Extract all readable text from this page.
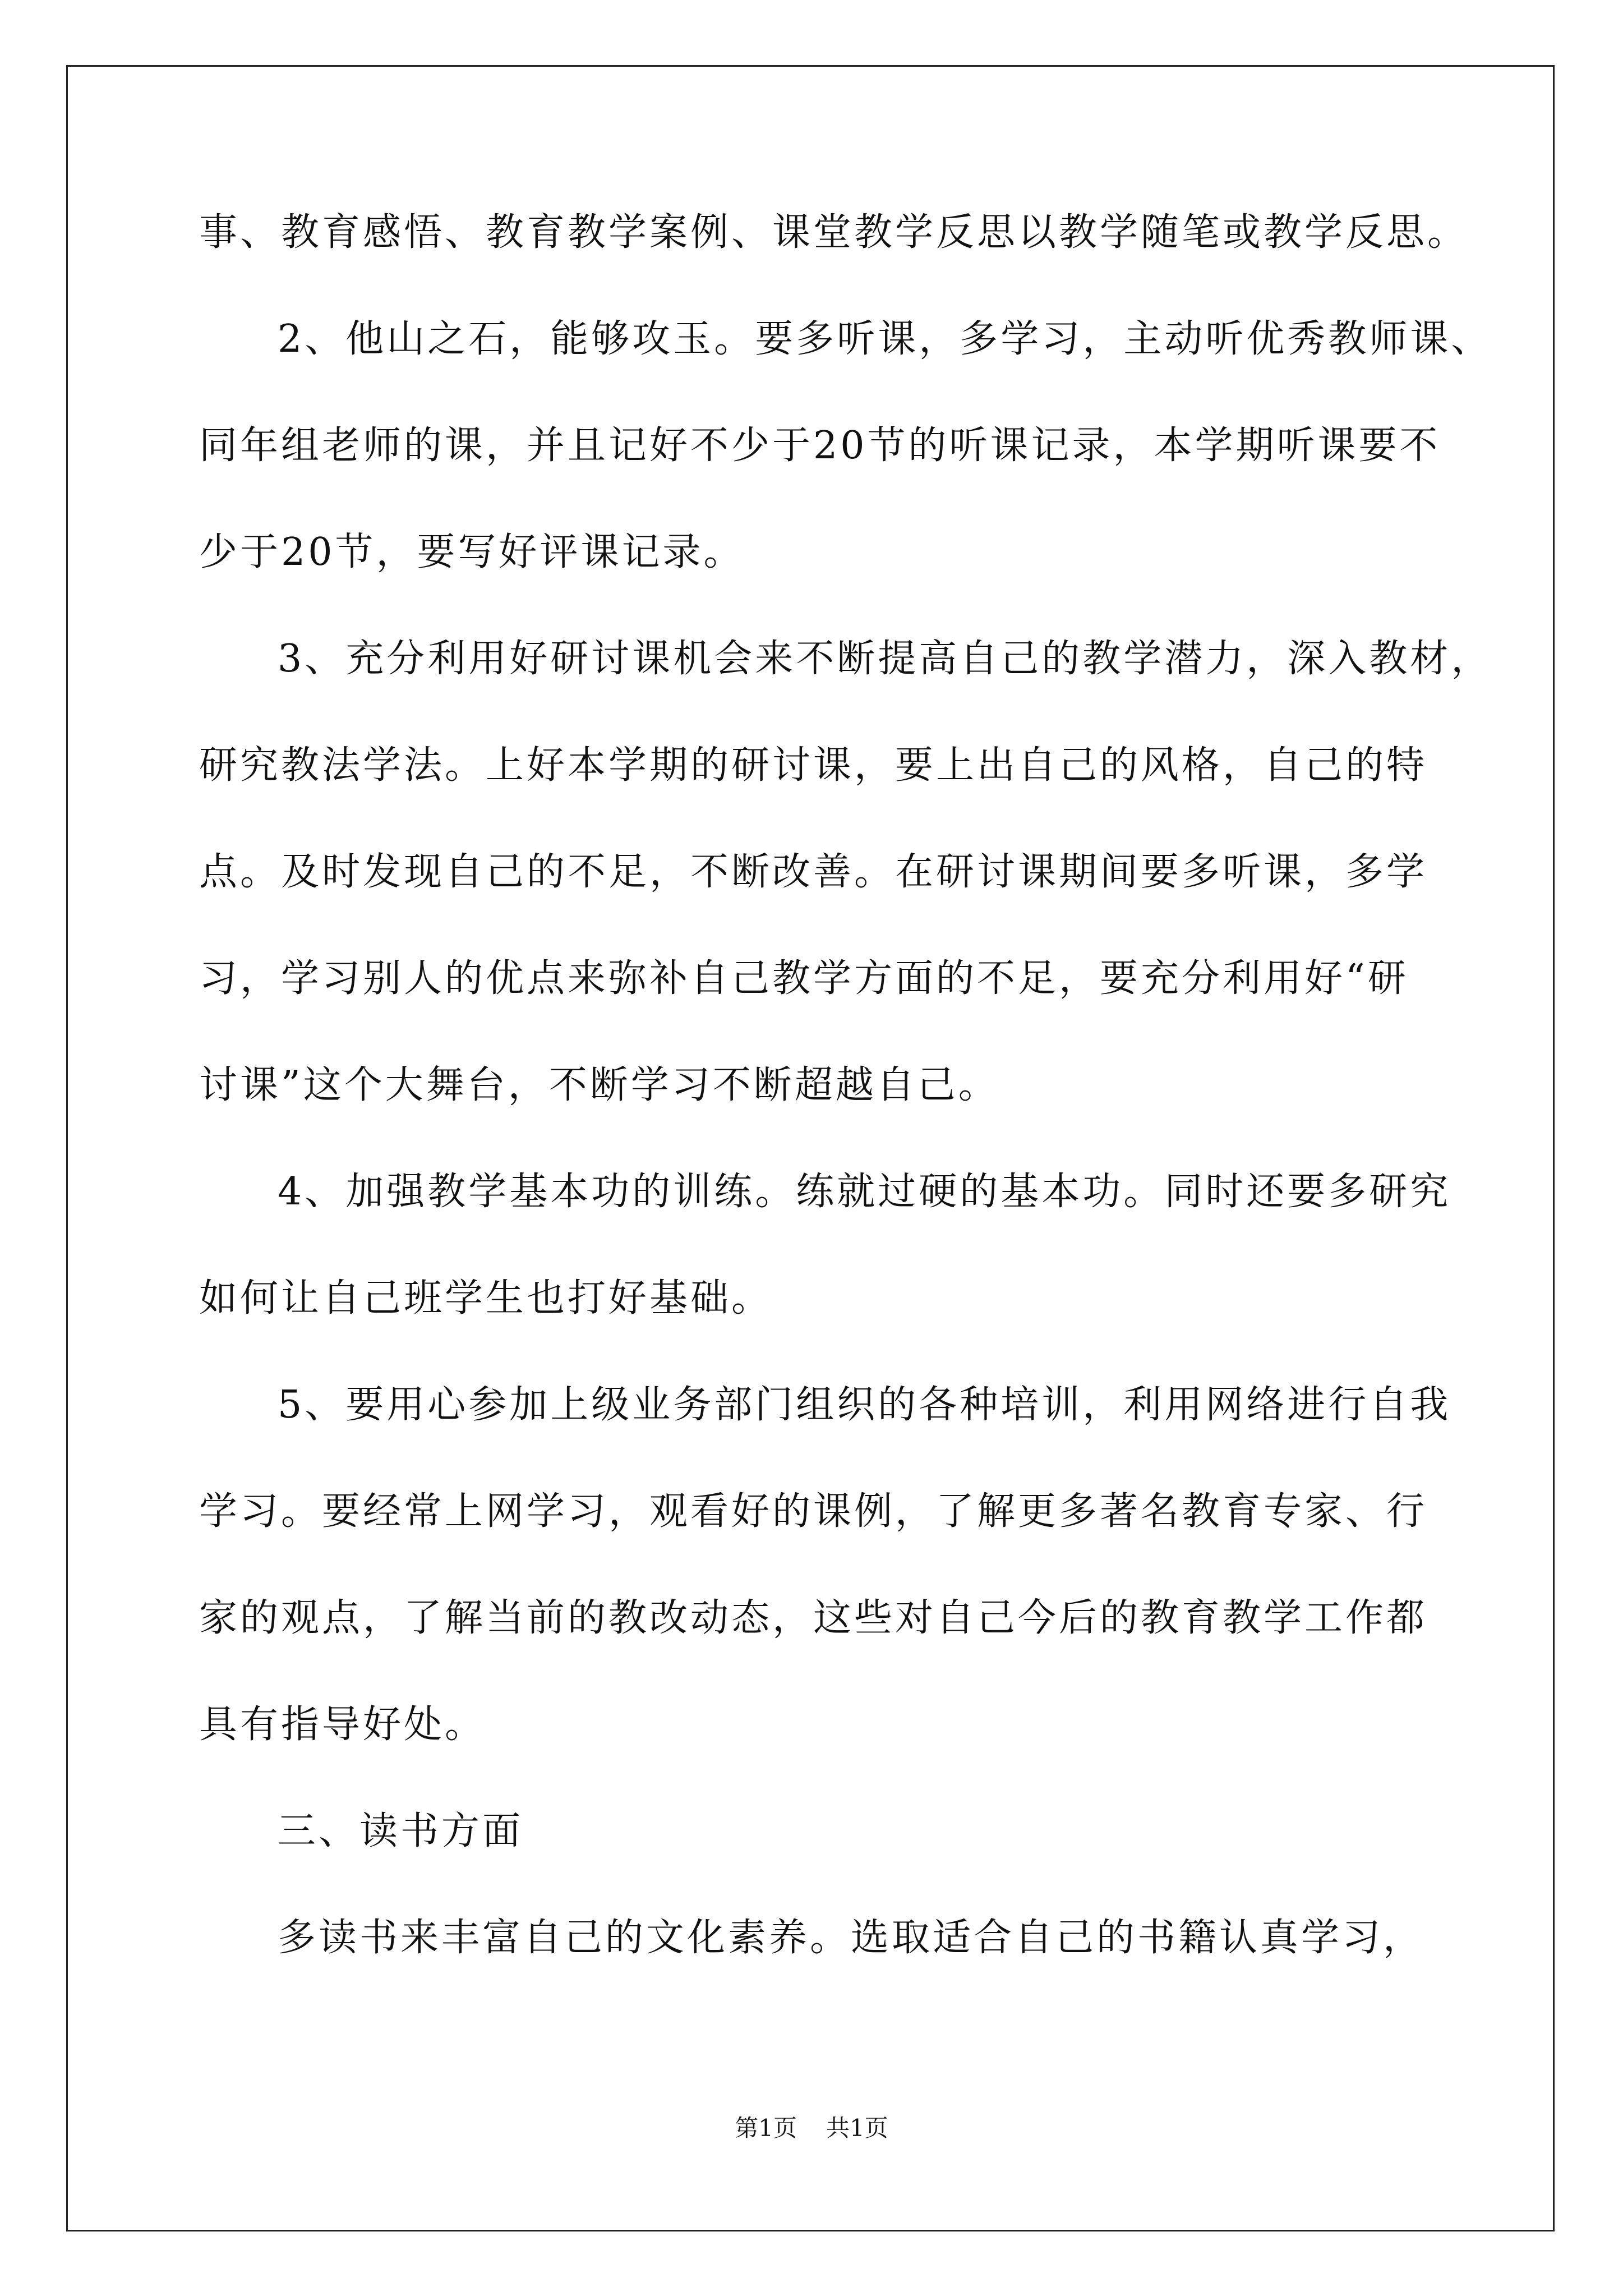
事、教育感悟、教育教学案例、课堂教学反思以教学随笔或教学反思。
2、他山之石，能够攻玉。要多听课，多学习，主动听优秀教师课、
同年组老师的课，并且记好不少于20节的听课记录，本学期听课要不
少于20节，要写好评课记录。
3、充分利用好研讨课机会来不断提高自己的教学潜力，深入教材，
研究教法学法。上好本学期的研讨课，要上出自己的风格，自己的特
点。及时发现自己的不足，不断改善。在研讨课期间要多听课，多学
习，学习别人的优点来弥补自己教学方面的不足，要充分利用好“研
讨课”这个大舞台，不断学习不断超越自己。
4、加强教学基本功的训练。练就过硬的基本功。同时还要多研究
如何让自己班学生也打好基础。
5、要用心参加上级业务部门组织的各种培训，利用网络进行自我
学习。要经常上网学习，观看好的课例，了解更多著名教育专家、行
家的观点，了解当前的教改动态，这些对自己今后的教育教学工作都
具有指导好处。
三、读书方面
多读书来丰富自己的文化素养。选取适合自己的书籍认真学习，
第1页 共1页
